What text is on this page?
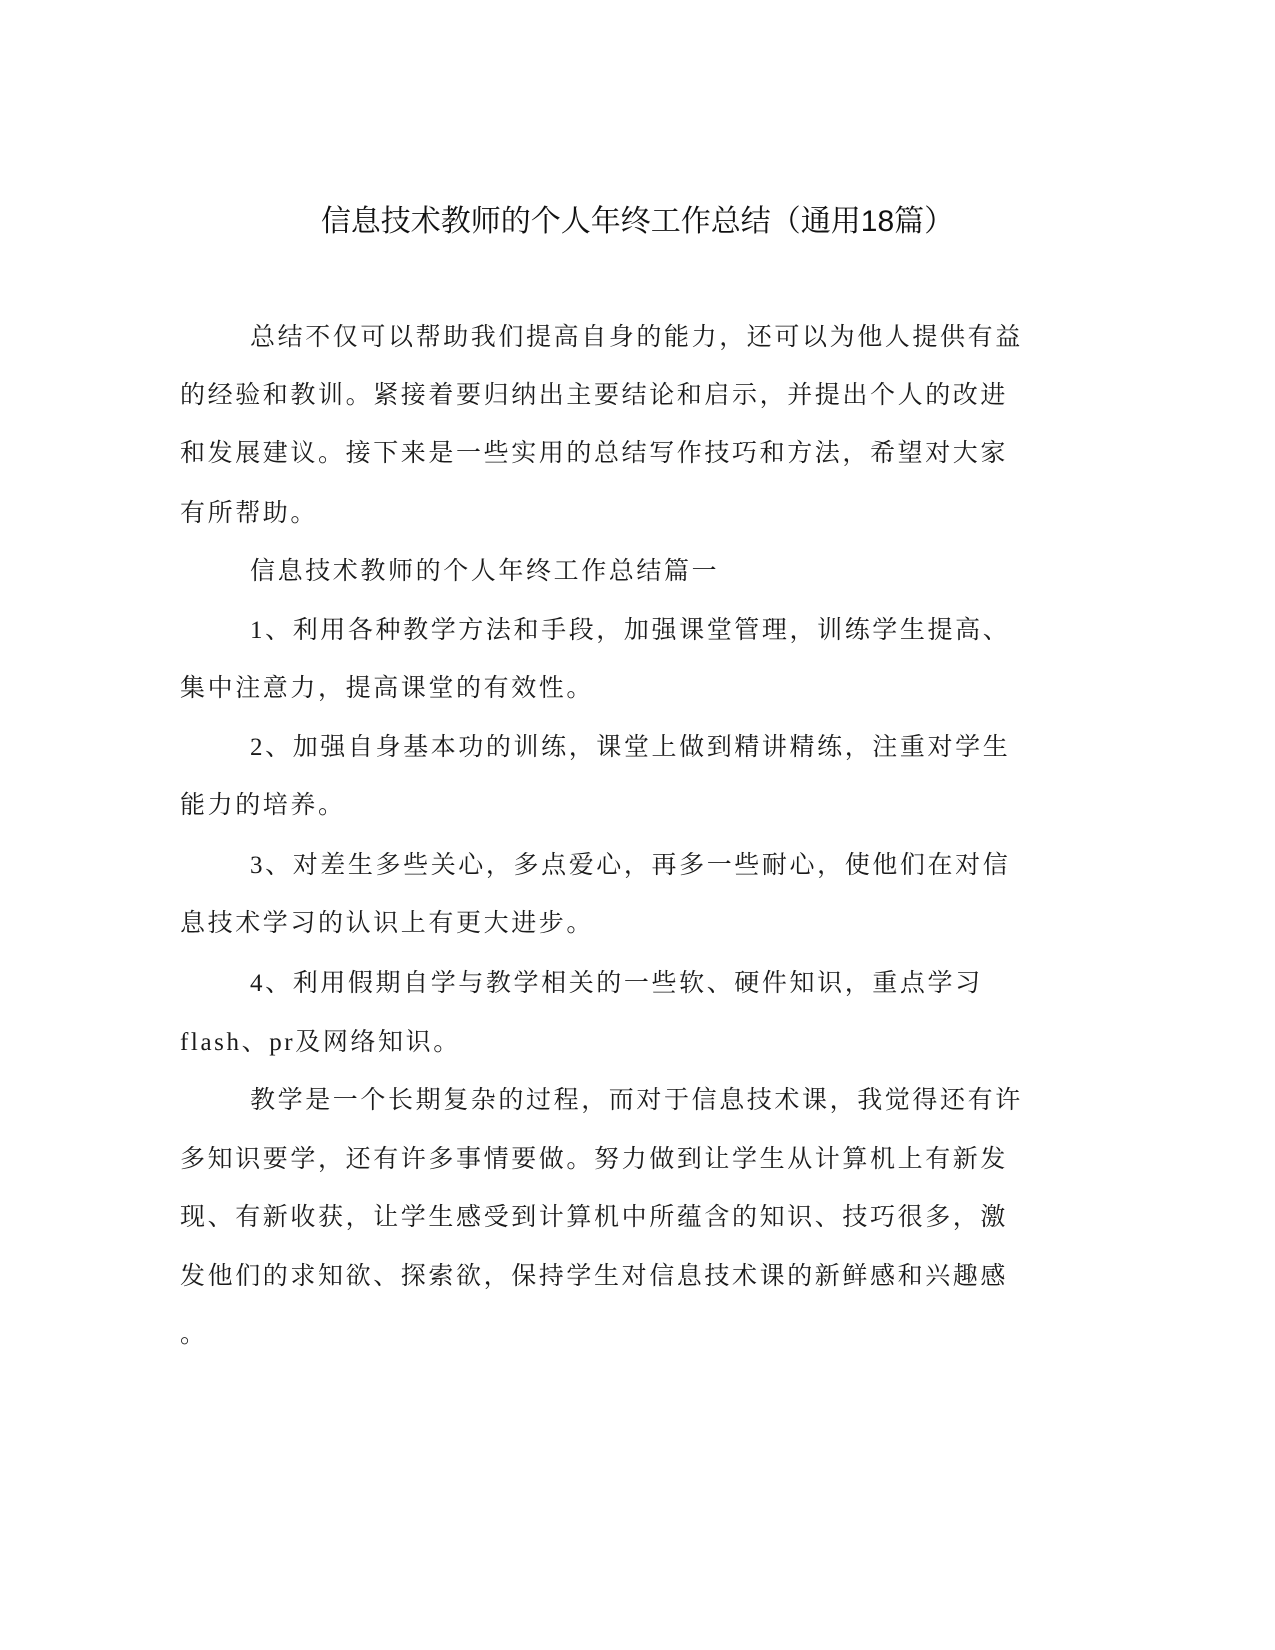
信息技术教师的个人年终工作总结（通用18篇）
总结不仅可以帮助我们提高自身的能力，还可以为他人提供有益
的经验和教训。紧接着要归纳出主要结论和启示，并提出个人的改进
和发展建议。接下来是一些实用的总结写作技巧和方法，希望对大家
有所帮助。
信息技术教师的个人年终工作总结篇一
1、利用各种教学方法和手段，加强课堂管理，训练学生提高、
集中注意力，提高课堂的有效性。
2、加强自身基本功的训练，课堂上做到精讲精练，注重对学生
能力的培养。
3、对差生多些关心，多点爱心，再多一些耐心，使他们在对信
息技术学习的认识上有更大进步。
4、利用假期自学与教学相关的一些软、硬件知识，重点学习
flash、pr及网络知识。
教学是一个长期复杂的过程，而对于信息技术课，我觉得还有许
多知识要学，还有许多事情要做。努力做到让学生从计算机上有新发
现、有新收获，让学生感受到计算机中所蕴含的知识、技巧很多，激
发他们的求知欲、探索欲，保持学生对信息技术课的新鲜感和兴趣感
。
